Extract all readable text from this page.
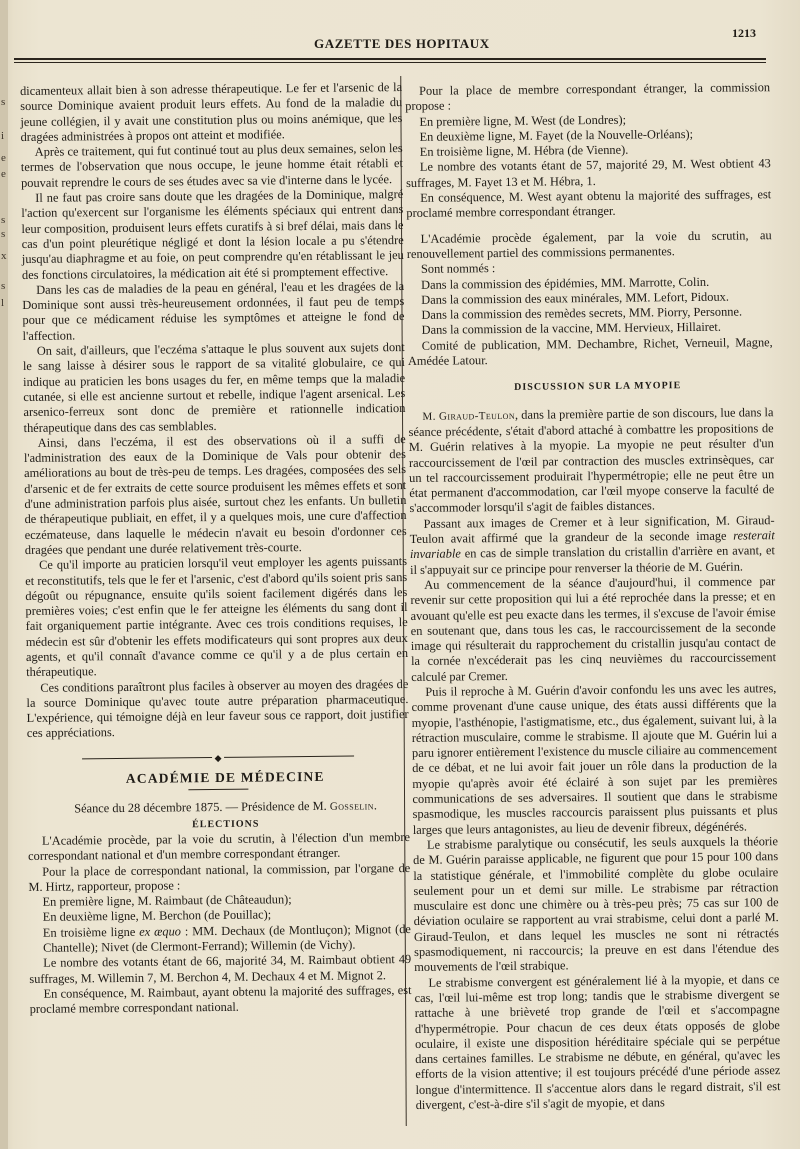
s
i
e
e
s
s
x
s
l
GAZETTE DES HOPITAUX
1213

dicamenteux allait bien à son adresse thérapeutique. Le fer et l'arsenic de la source Dominique avaient produit leurs effets. Au fond de la maladie du jeune collégien, il y avait une constitution plus ou moins anémique, que les dragées administrées à propos ont atteint et modifiée.

Après ce traitement, qui fut continué tout au plus deux semaines, selon les termes de l'observation que nous occupe, le jeune homme était rétabli et pouvait reprendre le cours de ses études avec sa vie d'interne dans le lycée.

Il ne faut pas croire sans doute que les dragées de la Dominique, malgré l'action qu'exercent sur l'organisme les éléments spéciaux qui entrent dans leur composition, produisent leurs effets curatifs à si bref délai, mais dans le cas d'un point pleurétique négligé et dont la lésion locale a pu s'étendre jusqu'au diaphragme et au foie, on peut comprendre qu'en rétablissant le jeu des fonctions circulatoires, la médication ait été si promptement effective.

Dans les cas de maladies de la peau en général, l'eau et les dragées de la Dominique sont aussi très-heureusement ordonnées, il faut peu de temps pour que ce médicament réduise les symptômes et atteigne le fond de l'affection.

On sait, d'ailleurs, que l'eczéma s'attaque le plus souvent aux sujets dont le sang laisse à désirer sous le rapport de sa vitalité globulaire, ce qui indique au praticien les bons usages du fer, en même temps que la maladie cutanée, si elle est ancienne surtout et rebelle, indique l'agent arsenical. Les arsenico-ferreux sont donc de première et rationnelle indication thérapeutique dans des cas semblables.

Ainsi, dans l'eczéma, il est des observations où il a suffi de l'administration des eaux de la Dominique de Vals pour obtenir des améliorations au bout de très-peu de temps. Les dragées, composées des sels d'arsenic et de fer extraits de cette source produisent les mêmes effets et sont d'une administration parfois plus aisée, surtout chez les enfants. Un bulletin de thérapeutique publiait, en effet, il y a quelques mois, une cure d'affection eczémateuse, dans laquelle le médecin n'avait eu besoin d'ordonner ces dragées que pendant une durée relativement très-courte.

Ce qu'il importe au praticien lorsqu'il veut employer les agents puissants et reconstitutifs, tels que le fer et l'arsenic, c'est d'abord qu'ils soient pris sans dégoût ou répugnance, ensuite qu'ils soient facilement digérés dans les premières voies; c'est enfin que le fer atteigne les éléments du sang dont il fait organiquement partie intégrante. Avec ces trois conditions requises, le médecin est sûr d'obtenir les effets modificateurs qui sont propres aux deux agents, et qu'il connaît d'avance comme ce qu'il y a de plus certain en thérapeutique.

Ces conditions paraîtront plus faciles à observer au moyen des dragées de la source Dominique qu'avec toute autre préparation pharmaceutique. L'expérience, qui témoigne déjà en leur faveur sous ce rapport, doit justifier ces appréciations.

◆

ACADÉMIE DE MÉDECINE

Séance du 28 décembre 1875. — Présidence de M. Gosselin.

ÉLECTIONS

L'Académie procède, par la voie du scrutin, à l'élection d'un membre correspondant national et d'un membre correspondant étranger.

Pour la place de correspondant national, la commission, par l'organe de M. Hirtz, rapporteur, propose :

En première ligne, M. Raimbaut (de Châteaudun);

En deuxième ligne, M. Berchon (de Pouillac);

En troisième ligne ex æquo : MM. Dechaux (de Montluçon); Mignot (de Chantelle); Nivet (de Clermont-Ferrand); Willemin (de Vichy).

Le nombre des votants étant de 66, majorité 34, M. Raimbaut obtient 49 suffrages, M. Willemin 7, M. Berchon 4, M. Dechaux 4 et M. Mignot 2.

En conséquence, M. Raimbaut, ayant obtenu la majorité des suffrages, est proclamé membre correspondant national.

Pour la place de membre correspondant étranger, la commission propose :

En première ligne, M. West (de Londres);

En deuxième ligne, M. Fayet (de la Nouvelle-Orléans);

En troisième ligne, M. Hébra (de Vienne).

Le nombre des votants étant de 57, majorité 29, M. West obtient 43 suffrages, M. Fayet 13 et M. Hébra, 1.

En conséquence, M. West ayant obtenu la majorité des suffrages, est proclamé membre correspondant étranger.

L'Académie procède également, par la voie du scrutin, au renouvellement partiel des commissions permanentes.

Sont nommés :

Dans la commission des épidémies, MM. Marrotte, Colin.

Dans la commission des eaux minérales, MM. Lefort, Pidoux.

Dans la commission des remèdes secrets, MM. Piorry, Personne.

Dans la commission de la vaccine, MM. Hervieux, Hillairet.

Comité de publication, MM. Dechambre, Richet, Verneuil, Magne, Amédée Latour.

DISCUSSION SUR LA MYOPIE

M. Giraud-Teulon, dans la première partie de son discours, lue dans la séance précédente, s'était d'abord attaché à combattre les propositions de M. Guérin relatives à la myopie. La myopie ne peut résulter d'un raccourcissement de l'œil par contraction des muscles extrinsèques, car un tel raccourcissement produirait l'hypermétropie; elle ne peut être un état permanent d'accommodation, car l'œil myope conserve la faculté de s'accommoder lorsqu'il s'agit de faibles distances.

Passant aux images de Cremer et à leur signification, M. Giraud-Teulon avait affirmé que la grandeur de la seconde image resterait invariable en cas de simple translation du cristallin d'arrière en avant, et il s'appuyait sur ce principe pour renverser la théorie de M. Guérin.

Au commencement de la séance d'aujourd'hui, il commence par revenir sur cette proposition qui lui a été reprochée dans la presse; et en avouant qu'elle est peu exacte dans les termes, il s'excuse de l'avoir émise en soutenant que, dans tous les cas, le raccourcissement de la seconde image qui résulterait du rapprochement du cristallin jusqu'au contact de la cornée n'excéderait pas les cinq neuvièmes du raccourcissement calculé par Cremer.

Puis il reproche à M. Guérin d'avoir confondu les uns avec les autres, comme provenant d'une cause unique, des états aussi différents que la myopie, l'asthénopie, l'astigmatisme, etc., dus également, suivant lui, à la rétraction musculaire, comme le strabisme. Il ajoute que M. Guérin lui a paru ignorer entièrement l'existence du muscle ciliaire au commencement de ce débat, et ne lui avoir fait jouer un rôle dans la production de la myopie qu'après avoir été éclairé à son sujet par les premières communications de ses adversaires. Il soutient que dans le strabisme spasmodique, les muscles raccourcis paraissent plus puissants et plus larges que leurs antagonistes, au lieu de devenir fibreux, dégénérés.

Le strabisme paralytique ou consécutif, les seuls auxquels la théorie de M. Guérin paraisse applicable, ne figurent que pour 15 pour 100 dans la statistique générale, et l'immobilité complète du globe oculaire seulement pour un et demi sur mille. Le strabisme par rétraction musculaire est donc une chimère ou à très-peu près; 75 cas sur 100 de déviation oculaire se rapportent au vrai strabisme, celui dont a parlé M. Giraud-Teulon, et dans lequel les muscles ne sont ni rétractés spasmodiquement, ni raccourcis; la preuve en est dans l'étendue des mouvements de l'œil strabique.

Le strabisme convergent est généralement lié à la myopie, et dans ce cas, l'œil lui-même est trop long; tandis que le strabisme divergent se rattache à une brièveté trop grande de l'œil et s'accompagne d'hypermétropie. Pour chacun de ces deux états opposés de globe oculaire, il existe une disposition héréditaire spéciale qui se perpétue dans certaines familles. Le strabisme ne débute, en général, qu'avec les efforts de la vision attentive; il est toujours précédé d'une période assez longue d'intermittence. Il s'accentue alors dans le regard distrait, s'il est divergent, c'est-à-dire s'il s'agit de myopie, et dans
